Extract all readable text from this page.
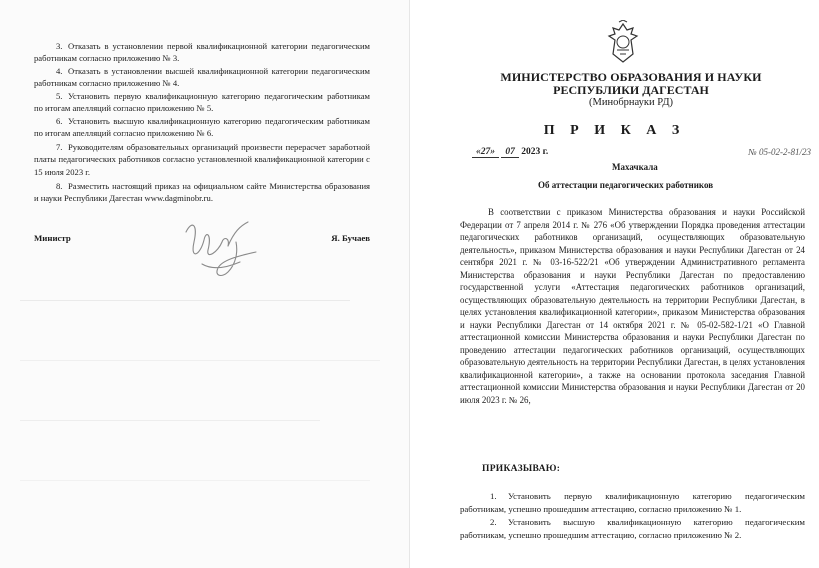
3. Отказать в установлении первой квалификационной категории педагогическим работникам согласно приложению № 3.
4. Отказать в установлении высшей квалификационной категории педагогическим работникам согласно приложению № 4.
5. Установить первую квалификационную категорию педагогическим работникам по итогам апелляций согласно приложению № 5.
6. Установить высшую квалификационную категорию педагогическим работникам по итогам апелляций согласно приложению № 6.
7. Руководителям образовательных организаций произвести перерасчет заработной платы педагогических работников согласно установленной квалификационной категории с 15 июля 2023 г.
8. Разместить настоящий приказ на официальном сайте Министерства образования и науки Республики Дагестан www.dagminobr.ru.
Министр	Я. Бучаев
МИНИСТЕРСТВО ОБРАЗОВАНИЯ И НАУКИ
РЕСПУБЛИКИ ДАГЕСТАН
(Минобрнауки РД)
П Р И К А З
«27» 07 2023 г.	№ 05-02-2-81/23
Махачкала
Об аттестации педагогических работников
В соответствии с приказом Министерства образования и науки Российской Федерации от 7 апреля 2014 г. № 276 «Об утверждении Порядка проведения аттестации педагогических работников организаций, осуществляющих образовательную деятельность», приказом Министерства образования и науки Республики Дагестан от 24 сентября 2021 г. № 03-16-522/21 «Об утверждении Административного регламента Министерства образования и науки Республики Дагестан по предоставлению государственной услуги «Аттестация педагогических работников организаций, осуществляющих образовательную деятельность на территории Республики Дагестан, в целях установления квалификационной категории», приказом Министерства образования и науки Республики Дагестан от 14 октября 2021 г. № 05-02-582-1/21 «О Главной аттестационной комиссии Министерства образования и науки Республики Дагестан по проведению аттестации педагогических работников организаций, осуществляющих образовательную деятельность на территории Республики Дагестан, в целях установления квалификационной категории», а также на основании протокола заседания Главной аттестационной комиссии Министерства образования и науки Республики Дагестан от 20 июля 2023 г. № 26,
ПРИКАЗЫВАЮ:
1. Установить первую квалификационную категорию педагогическим работникам, успешно прошедшим аттестацию, согласно приложению № 1.
2. Установить высшую квалификационную категорию педагогическим работникам, успешно прошедшим аттестацию, согласно приложению № 2.
